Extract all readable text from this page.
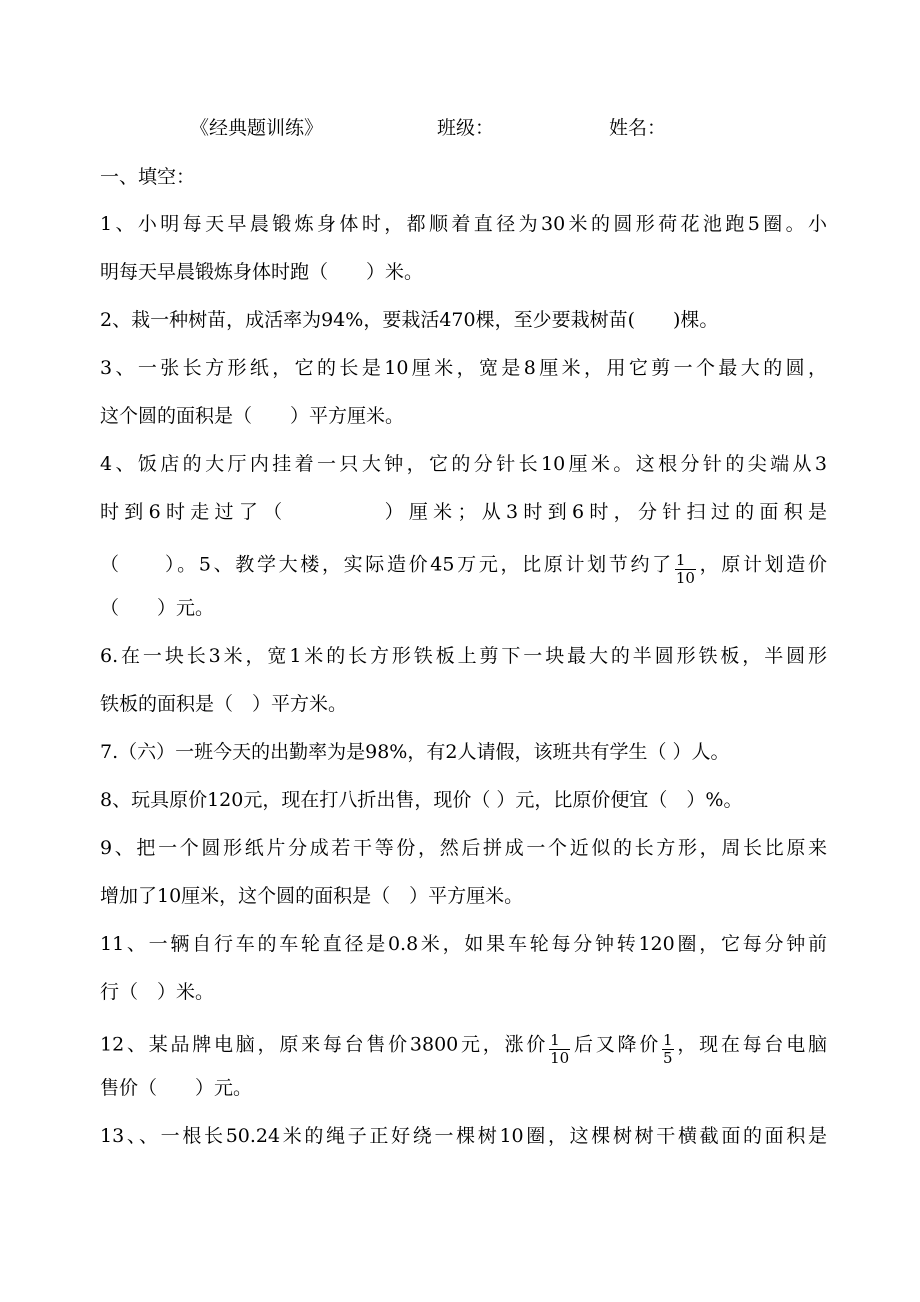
《经典题训练》	班级：	姓名：
一、填空：
1、小明每天早晨锻炼身体时，都顺着直径为30米的圆形荷花池跑5圈。小
明每天早晨锻炼身体时跑（　　）米。
2、栽一种树苗，成活率为94%，要栽活470棵，至少要栽树苗(　　)棵。
3、一张长方形纸，它的长是10厘米，宽是8厘米，用它剪一个最大的圆，
这个圆的面积是（　　）平方厘米。
4、饭店的大厅内挂着一只大钟，它的分针长10厘米。这根分针的尖端从3
时到6时走过了（　　　　）厘米；从3时到6时，分针扫过的面积是
（　　）。5、教学大楼，实际造价45万元，比原计划节约了 $\frac{1}{10}$ ，原计划造价
（　　）元。
6.在一块长3米，宽1米的长方形铁板上剪下一块最大的半圆形铁板，半圆形
铁板的面积是（　）平方米。
7.（六）一班今天的出勤率为是98%，有2人请假，该班共有学生（ ）人。
8、玩具原价120元，现在打八折出售，现价（ ）元，比原价便宜（　）%。
9、把一个圆形纸片分成若干等份，然后拼成一个近似的长方形，周长比原来
增加了10厘米，这个圆的面积是（　）平方厘米。
11、一辆自行车的车轮直径是0.8米，如果车轮每分钟转120圈，它每分钟前
行（　）米。
12、某品牌电脑，原来每台售价3800元，涨价 $\frac{1}{10}$ 后又降价 $\frac{1}{5}$ ，现在每台电脑
售价（　　）元。
13、、一根长50.24米的绳子正好绕一棵树10圈，这棵树树干横截面的面积是
